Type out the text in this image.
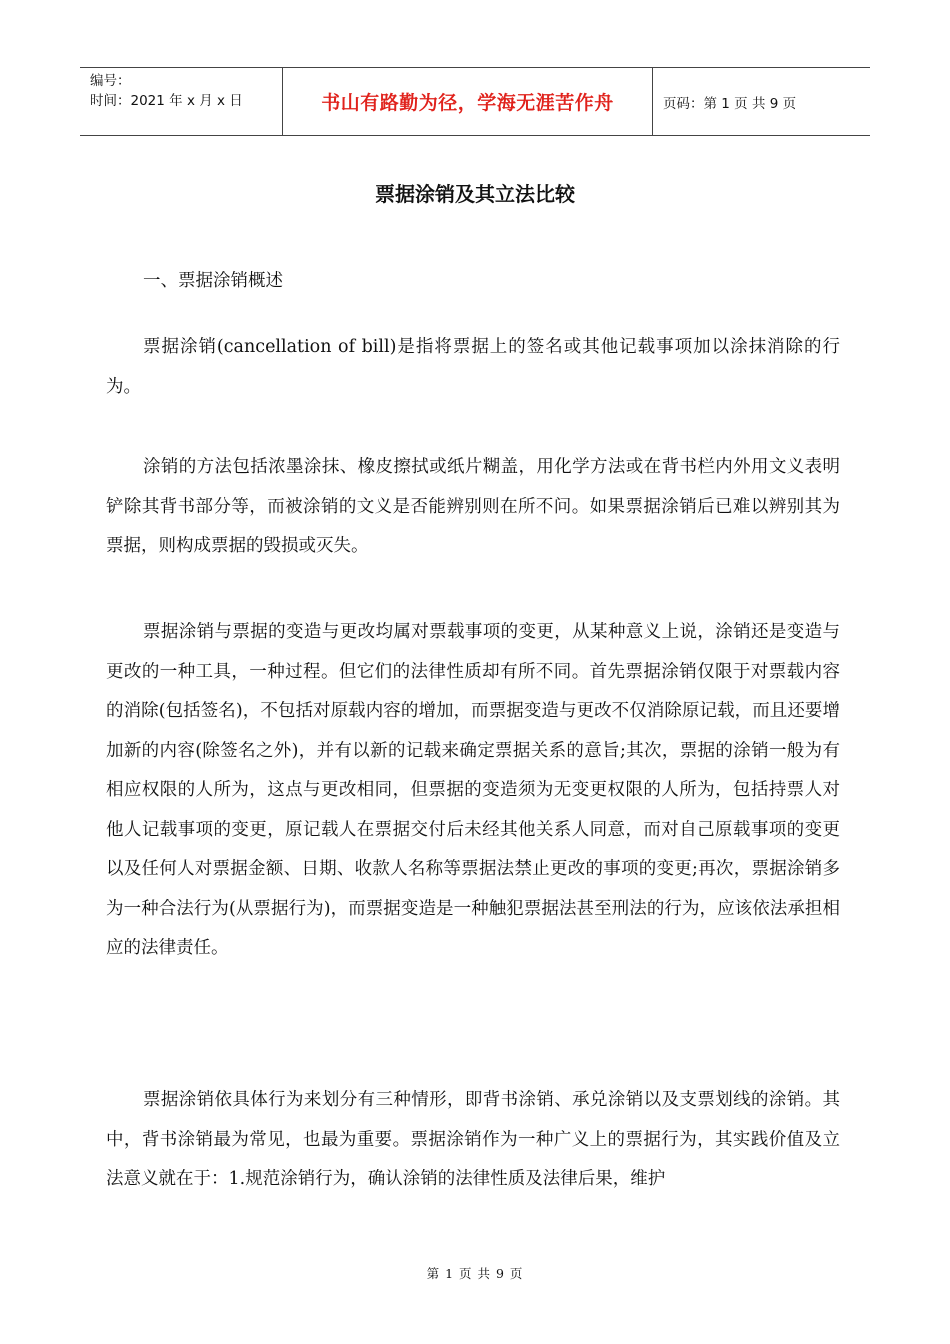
编号：
时间：2021 年 x 月 x 日	书山有路勤为径，学海无涯苦作舟	页码：第 1 页 共 9 页
票据涂销及其立法比较

一、票据涂销概述

票据涂销(cancellation of bill)是指将票据上的签名或其他记载事项加以涂抹消除的行为。

涂销的方法包括浓墨涂抹、橡皮擦拭或纸片糊盖，用化学方法或在背书栏内外用文义表明铲除其背书部分等，而被涂销的文义是否能辨别则在所不问。如果票据涂销后已难以辨别其为票据，则构成票据的毁损或灭失。

票据涂销与票据的变造与更改均属对票载事项的变更，从某种意义上说，涂销还是变造与更改的一种工具，一种过程。但它们的法律性质却有所不同。首先票据涂销仅限于对票载内容的消除(包括签名)，不包括对原载内容的增加，而票据变造与更改不仅消除原记载，而且还要增加新的内容(除签名之外)，并有以新的记载来确定票据关系的意旨;其次，票据的涂销一般为有相应权限的人所为，这点与更改相同，但票据的变造须为无变更权限的人所为，包括持票人对他人记载事项的变更，原记载人在票据交付后未经其他关系人同意，而对自己原载事项的变更以及任何人对票据金额、日期、收款人名称等票据法禁止更改的事项的变更;再次，票据涂销多为一种合法行为(从票据行为)，而票据变造是一种触犯票据法甚至刑法的行为，应该依法承担相应的法律责任。

票据涂销依具体行为来划分有三种情形，即背书涂销、承兑涂销以及支票划线的涂销。其中，背书涂销最为常见，也最为重要。票据涂销作为一种广义上的票据行为，其实践价值及立法意义就在于：1.规范涂销行为，确认涂销的法律性质及法律后果，维护

第 1 页 共 9 页
